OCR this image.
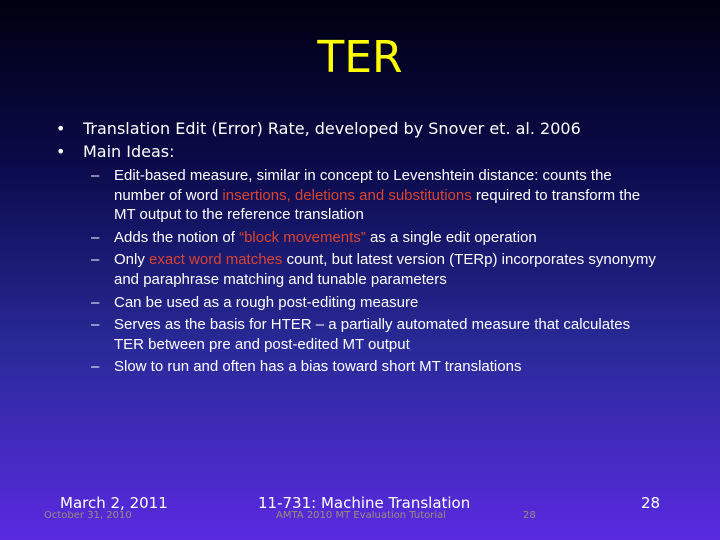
TER
• Translation Edit (Error) Rate, developed by Snover et. al. 2006
• Main Ideas:
– Edit-based measure, similar in concept to Levenshtein distance: counts the number of word insertions, deletions and substitutions required to transform the MT output to the reference translation
– Adds the notion of “block movements” as a single edit operation
– Only exact word matches count, but latest version (TERp) incorporates synonymy and paraphrase matching and tunable parameters
– Can be used as a rough post-editing measure
– Serves as the basis for HTER – a partially automated measure that calculates TER between pre and post-edited MT output
– Slow to run and often has a bias toward short MT translations
March 2, 2011	11-731: Machine Translation	28
October 31, 2010	AMTA 2010 MT Evaluation Tutorial	28
